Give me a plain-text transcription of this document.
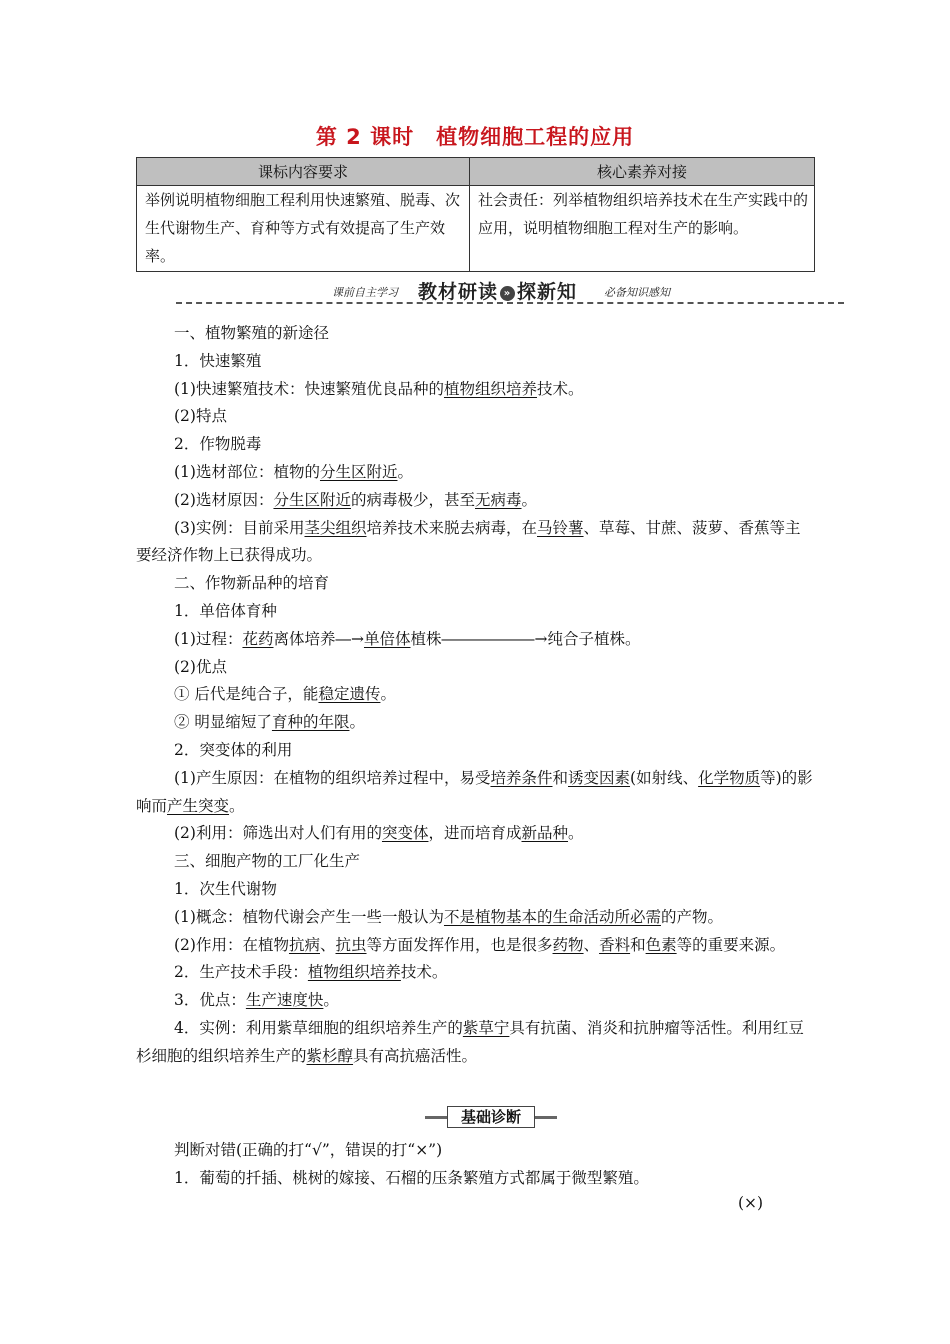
第 2 课时 植物细胞工程的应用
课标内容要求	核心素养对接
举例说明植物细胞工程利用快速繁殖、脱毒、次生代谢物生产、育种等方式有效提高了生产效率。	社会责任：列举植物组织培养技术在生产实践中的应用，说明植物细胞工程对生产的影响。
课前自主学习 教材研读 » 探新知 必备知识感知

一、植物繁殖的新途径

1．快速繁殖

(1)快速繁殖技术：快速繁殖优良品种的植物组织培养技术。

(2)特点

2．作物脱毒

(1)选材部位：植物的分生区附近。

(2)选材原因：分生区附近的病毒极少，甚至无病毒。

(3)实例：目前采用茎尖组织培养技术来脱去病毒，在马铃薯、草莓、甘蔗、菠萝、香蕉等主要经济作物上已获得成功。

二、作物新品种的培育

1．单倍体育种

(1)过程：花药离体培养―→单倍体植株――――――→纯合子植株。

(2)优点

① 后代是纯合子，能稳定遗传。

② 明显缩短了育种的年限。

2．突变体的利用

(1)产生原因：在植物的组织培养过程中，易受培养条件和诱变因素(如射线、化学物质等)的影响而产生突变。

(2)利用：筛选出对人们有用的突变体，进而培育成新品种。

三、细胞产物的工厂化生产

1．次生代谢物

(1)概念：植物代谢会产生一些一般认为不是植物基本的生命活动所必需的产物。

(2)作用：在植物抗病、抗虫等方面发挥作用，也是很多药物、香料和色素等的重要来源。

2．生产技术手段：植物组织培养技术。

3．优点：生产速度快。

4．实例：利用紫草细胞的组织培养生产的紫草宁具有抗菌、消炎和抗肿瘤等活性。利用红豆杉细胞的组织培养生产的紫杉醇具有高抗癌活性。

基础诊断

判断对错(正确的打“√”，错误的打“×”)

1．葡萄的扦插、桃树的嫁接、石榴的压条繁殖方式都属于微型繁殖。

(×)
